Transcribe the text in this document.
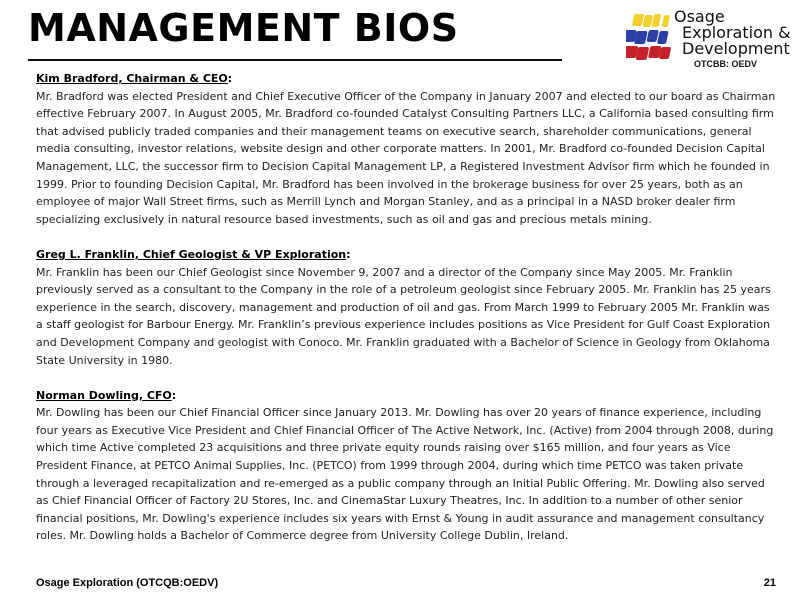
MANAGEMENT BIOS	Osage
Exploration &
Development
OTCBB: OEDV
Kim Bradford, Chairman & CEO:

Mr. Bradford was elected President and Chief Executive Officer of the Company in January 2007 and elected to our board as Chairman effective February 2007. In August 2005, Mr. Bradford co-founded Catalyst Consulting Partners LLC, a California based consulting firm that advised publicly traded companies and their management teams on executive search, shareholder communications, general media consulting, investor relations, website design and other corporate matters. In 2001, Mr. Bradford co-founded Decision Capital Management, LLC, the successor firm to Decision Capital Management LP, a Registered Investment Advisor firm which he founded in 1999. Prior to founding Decision Capital, Mr. Bradford has been involved in the brokerage business for over 25 years, both as an employee of major Wall Street firms, such as Merrill Lynch and Morgan Stanley, and as a principal in a NASD broker dealer firm specializing exclusively in natural resource based investments, such as oil and gas and precious metals mining.

Greg L. Franklin, Chief Geologist & VP Exploration:

Mr. Franklin has been our Chief Geologist since November 9, 2007 and a director of the Company since May 2005. Mr. Franklin previously served as a consultant to the Company in the role of a petroleum geologist since February 2005. Mr. Franklin has 25 years experience in the search, discovery, management and production of oil and gas. From March 1999 to February 2005 Mr. Franklin was a staff geologist for Barbour Energy. Mr. Franklin’s previous experience includes positions as Vice President for Gulf Coast Exploration and Development Company and geologist with Conoco. Mr. Franklin graduated with a Bachelor of Science in Geology from Oklahoma State University in 1980.

Norman Dowling, CFO:

Mr. Dowling has been our Chief Financial Officer since January 2013. Mr. Dowling has over 20 years of finance experience, including four years as Executive Vice President and Chief Financial Officer of The Active Network, Inc. (Active) from 2004 through 2008, during which time Active completed 23 acquisitions and three private equity rounds raising over $165 million, and four years as Vice President Finance, at PETCO Animal Supplies, Inc. (PETCO) from 1999 through 2004, during which time PETCO was taken private through a leveraged recapitalization and re-emerged as a public company through an Initial Public Offering. Mr. Dowling also served as Chief Financial Officer of Factory 2U Stores, Inc. and CinemaStar Luxury Theatres, Inc. In addition to a number of other senior financial positions, Mr. Dowling's experience includes six years with Ernst & Young in audit assurance and management consultancy roles. Mr. Dowling holds a Bachelor of Commerce degree from University College Dublin, Ireland.

Osage Exploration (OTCQB:OEDV)	21
